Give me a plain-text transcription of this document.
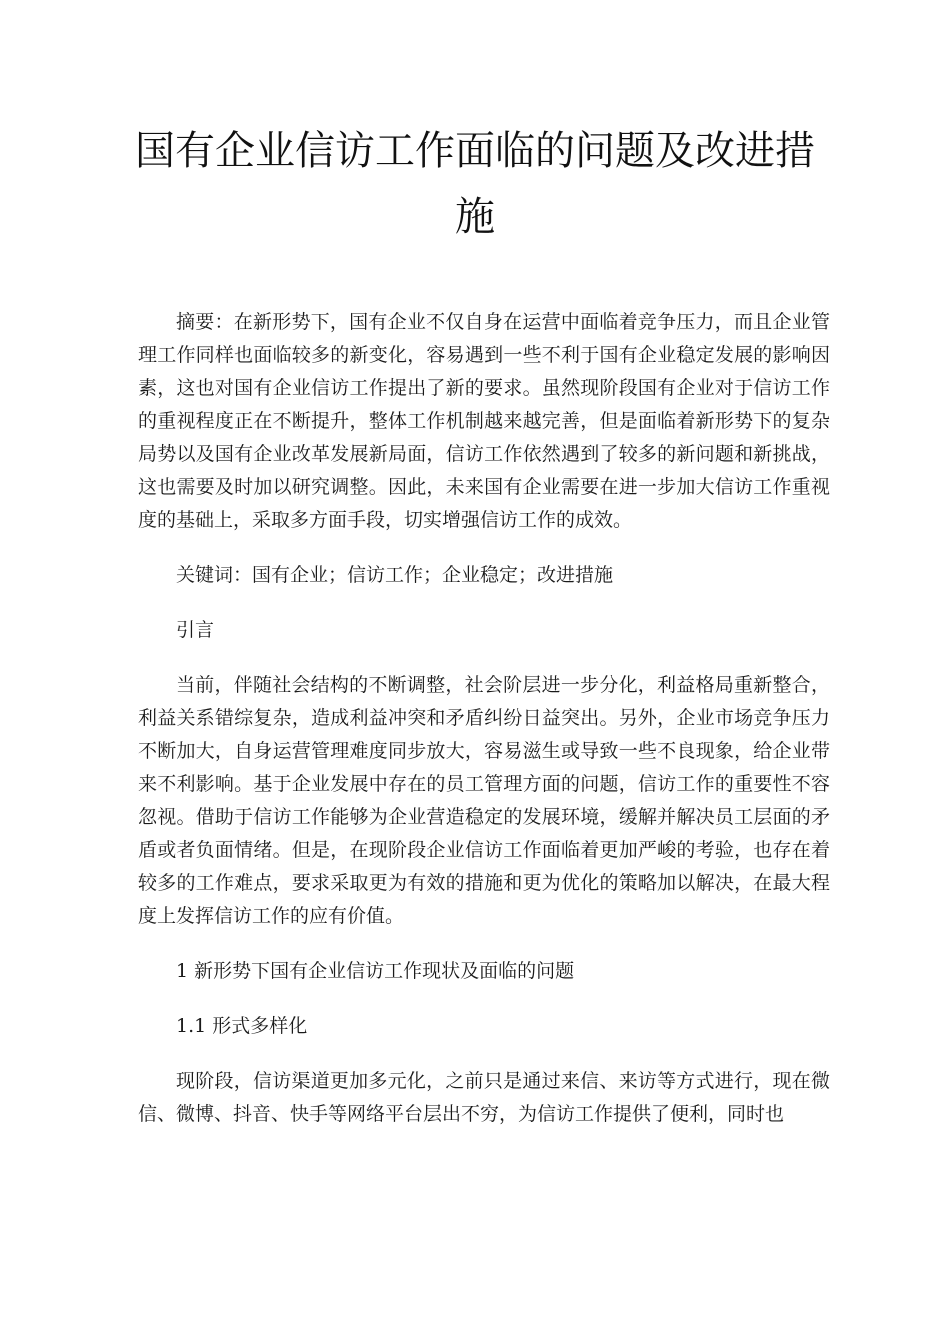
国有企业信访工作面临的问题及改进措施

摘要：在新形势下，国有企业不仅自身在运营中面临着竞争压力，而且企业管理工作同样也面临较多的新变化，容易遇到一些不利于国有企业稳定发展的影响因素，这也对国有企业信访工作提出了新的要求。虽然现阶段国有企业对于信访工作的重视程度正在不断提升，整体工作机制越来越完善，但是面临着新形势下的复杂局势以及国有企业改革发展新局面，信访工作依然遇到了较多的新问题和新挑战，这也需要及时加以研究调整。因此，未来国有企业需要在进一步加大信访工作重视度的基础上，采取多方面手段，切实增强信访工作的成效。

关键词：国有企业；信访工作；企业稳定；改进措施

引言

当前，伴随社会结构的不断调整，社会阶层进一步分化，利益格局重新整合，利益关系错综复杂，造成利益冲突和矛盾纠纷日益突出。另外，企业市场竞争压力不断加大，自身运营管理难度同步放大，容易滋生或导致一些不良现象，给企业带来不利影响。基于企业发展中存在的员工管理方面的问题，信访工作的重要性不容忽视。借助于信访工作能够为企业营造稳定的发展环境，缓解并解决员工层面的矛盾或者负面情绪。但是，在现阶段企业信访工作面临着更加严峻的考验，也存在着较多的工作难点，要求采取更为有效的措施和更为优化的策略加以解决，在最大程度上发挥信访工作的应有价值。

1 新形势下国有企业信访工作现状及面临的问题

1.1 形式多样化

现阶段，信访渠道更加多元化，之前只是通过来信、来访等方式进行，现在微信、微博、抖音、快手等网络平台层出不穷，为信访工作提供了便利，同时也
